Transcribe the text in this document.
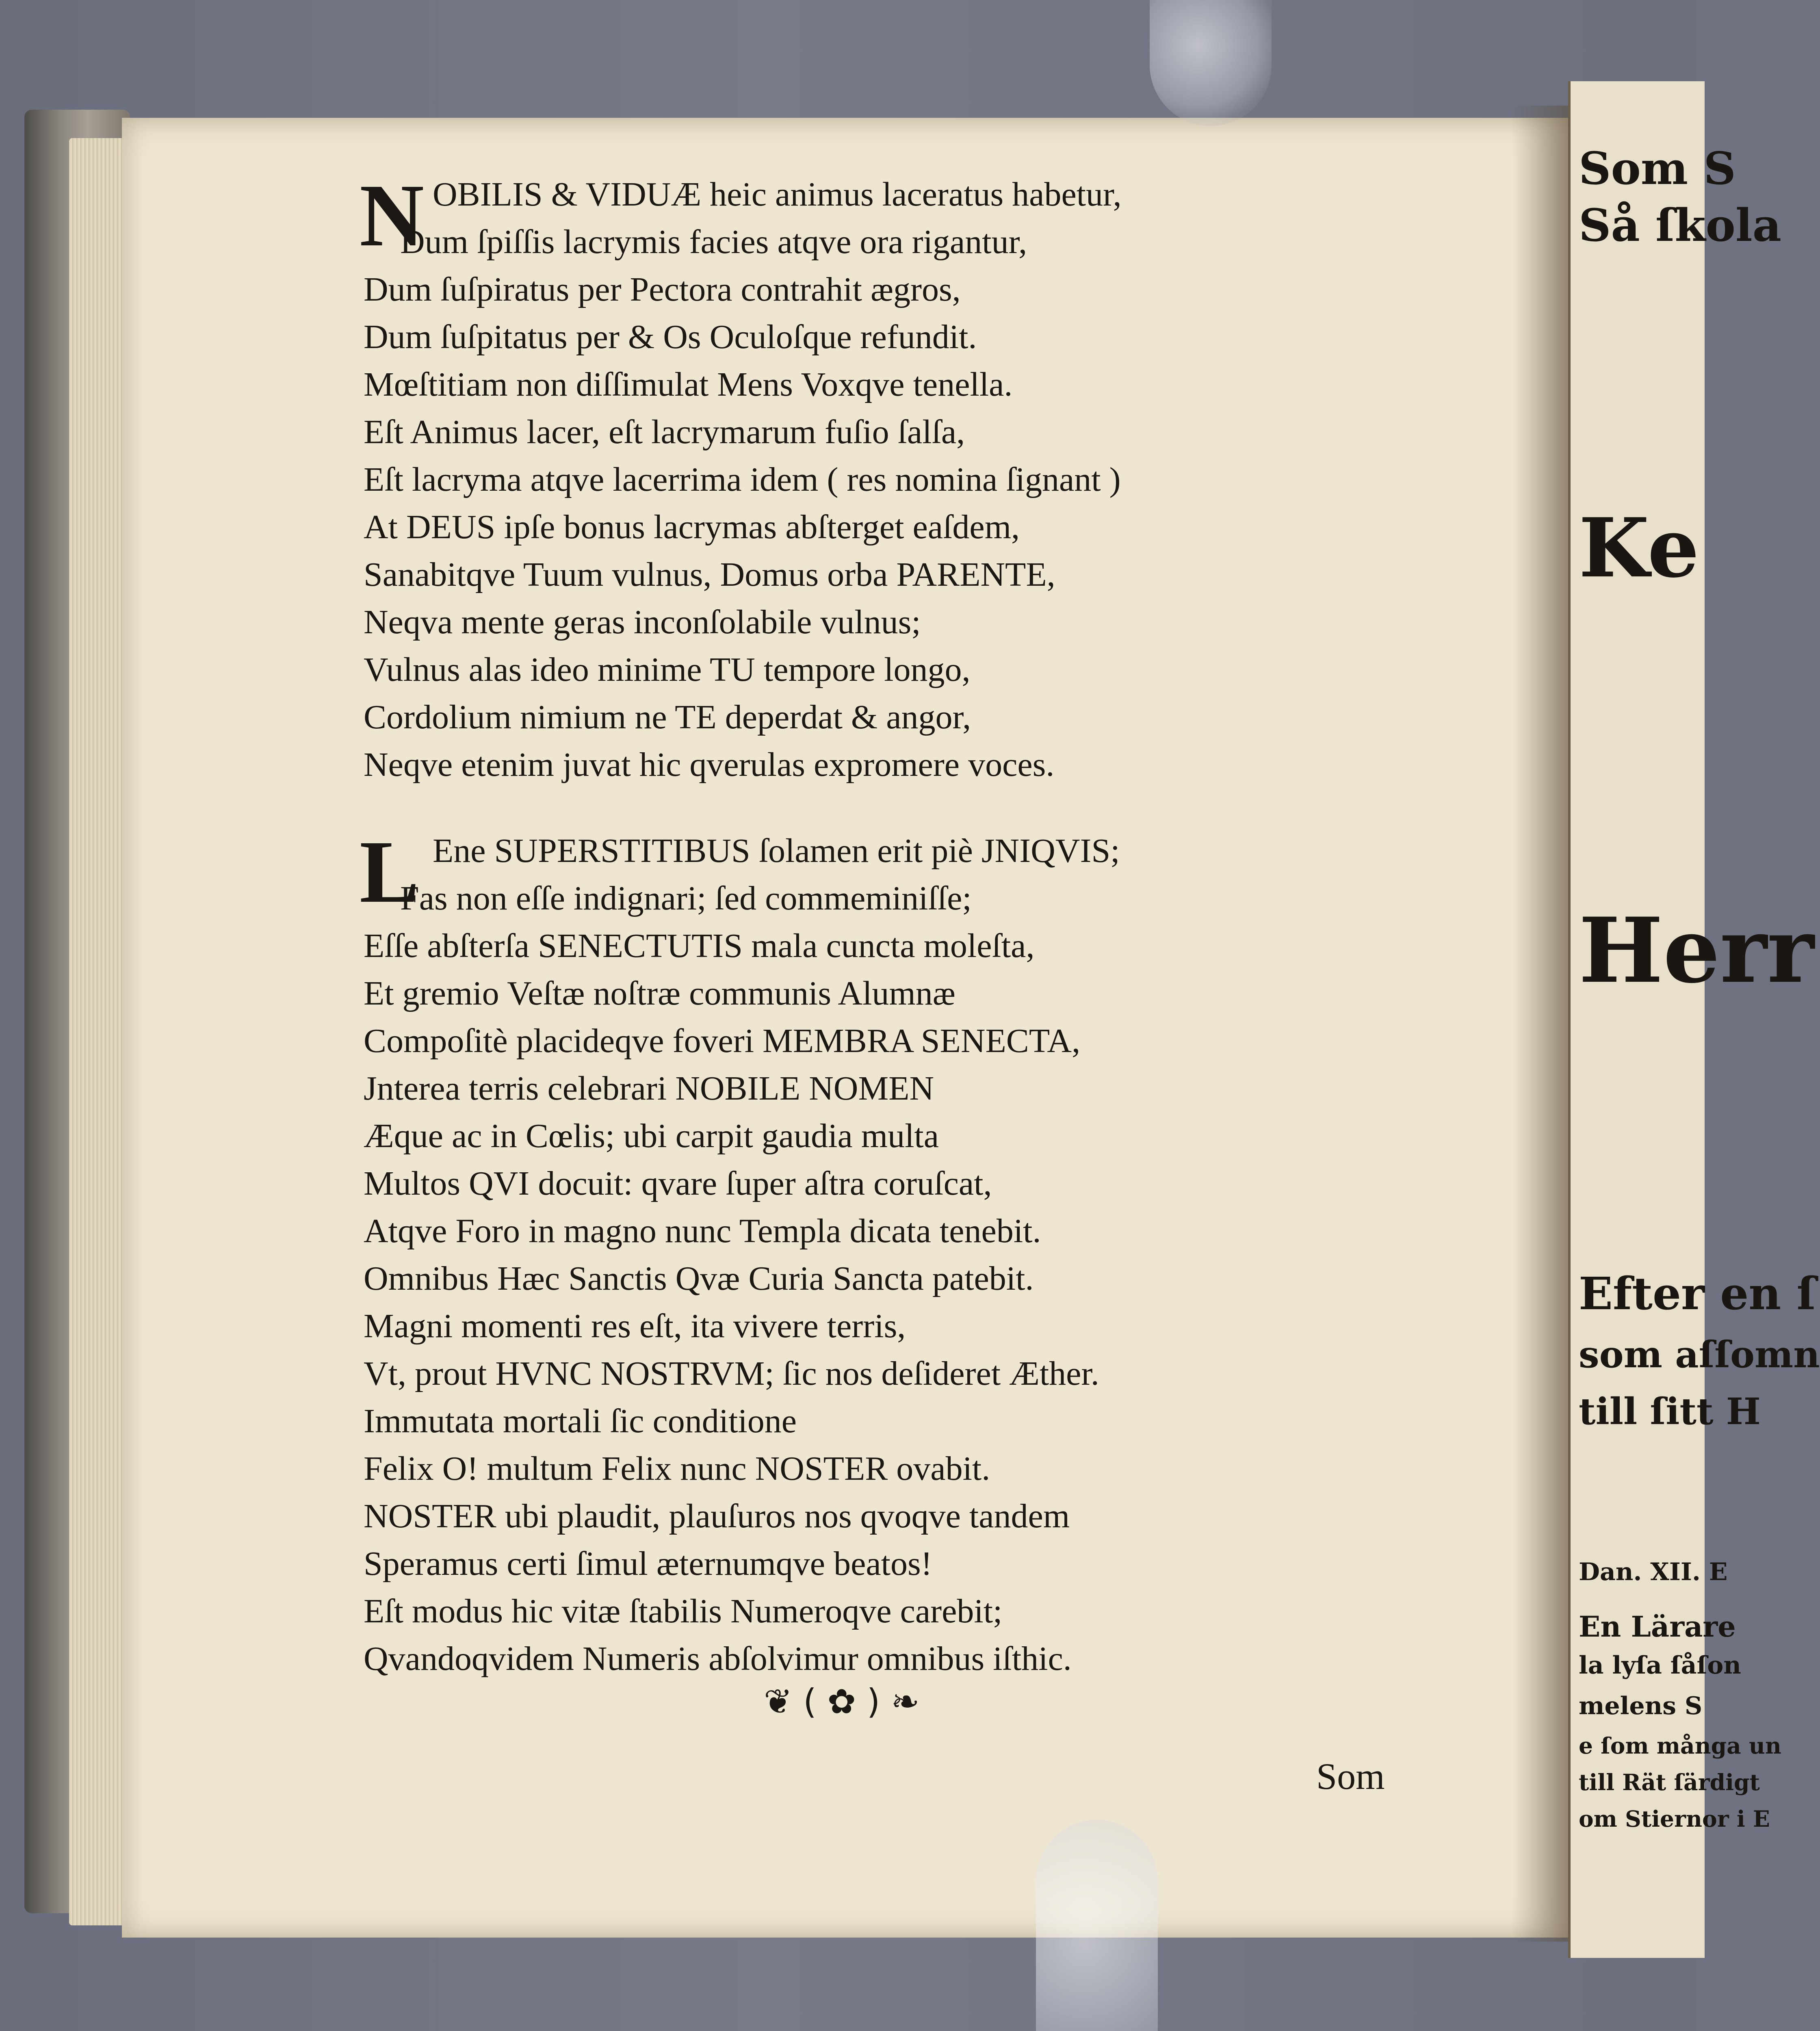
Som S
Så ſkola
Ke
Herr
Efter en ſ
som aſſomn
till ſitt H
Dan. XII. E
En Lärare
la lyſa ſåſon
melens S
e ſom många un
till Rät ſärdigt
om Stiernor i E
N OBILIS & VIDUÆ heic animus laceratus habetur,
Dum ſpiſſis lacrymis facies atqve ora rigantur,
Dum ſuſpiratus per Pectora contrahit ægros,
Dum ſuſpitatus per & Os Oculoſque refundit.
Mœſtitiam non diſſimulat Mens Voxqve tenella.
Eſt Animus lacer, eſt lacrymarum fuſio ſalſa,
Eſt lacryma atqve lacerrima idem ( res nomina ſignant )
At DEUS ipſe bonus lacrymas abſterget eaſdem,
Sanabitqve Tuum vulnus, Domus orba PARENTE,
Neqva mente geras inconſolabile vulnus;
Vulnus alas ideo minime TU tempore longo,
Cordolium nimium ne TE deperdat & angor,
Neqve etenim juvat hic qverulas expromere voces.
L Ene SUPERSTITIBUS ſolamen erit piè JNIQVIS;
Fas non eſſe indignari; ſed commeminiſſe;
Eſſe abſterſa SENECTUTIS mala cuncta moleſta,
Et gremio Veſtæ noſtræ communis Alumnæ
Compoſitè placideqve foveri MEMBRA SENECTA,
Jnterea terris celebrari NOBILE NOMEN
Æque ac in Cœlis; ubi carpit gaudia multa
Multos QVI docuit: qvare ſuper aſtra coruſcat,
Atqve Foro in magno nunc Templa dicata tenebit.
Omnibus Hæc Sanctis Qvæ Curia Sancta patebit.
Magni momenti res eſt, ita vivere terris,
Vt, prout HVNC NOSTRVM; ſic nos deſideret Æther.
Immutata mortali ſic conditione
Felix O! multum Felix nunc NOSTER ovabit.
NOSTER ubi plaudit, plauſuros nos qvoqve tandem
Speramus certi ſimul æternumqve beatos!
Eſt modus hic vitæ ſtabilis Numeroqve carebit;
Qvandoqvidem Numeris abſolvimur omnibus iſthic.
❦ ( ✿ ) ❧
Som
